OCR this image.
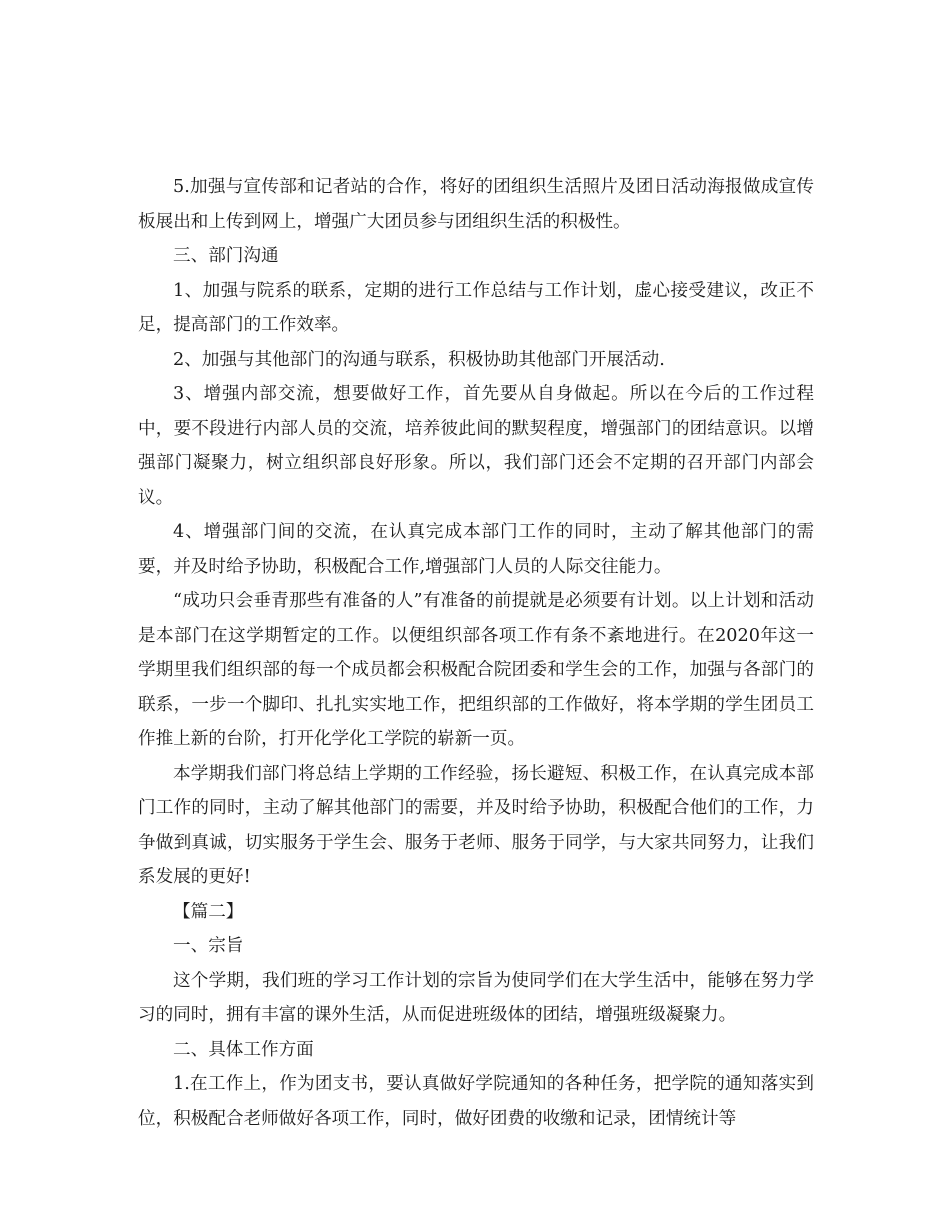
5.加强与宣传部和记者站的合作，将好的团组织生活照片及团日活动海报做成宣传板展出和上传到网上，增强广大团员参与团组织生活的积极性。

三、部门沟通

1、加强与院系的联系，定期的进行工作总结与工作计划，虚心接受建议，改正不足，提高部门的工作效率。

2、加强与其他部门的沟通与联系，积极协助其他部门开展活动.

3、增强内部交流，想要做好工作，首先要从自身做起。所以在今后的工作过程中，要不段进行内部人员的交流，培养彼此间的默契程度，增强部门的团结意识。以增强部门凝聚力，树立组织部良好形象。所以，我们部门还会不定期的召开部门内部会议。

4、增强部门间的交流，在认真完成本部门工作的同时，主动了解其他部门的需要，并及时给予协助，积极配合工作,增强部门人员的人际交往能力。

“成功只会垂青那些有准备的人”有准备的前提就是必须要有计划。以上计划和活动是本部门在这学期暂定的工作。以便组织部各项工作有条不紊地进行。在2020年这一学期里我们组织部的每一个成员都会积极配合院团委和学生会的工作，加强与各部门的联系，一步一个脚印、扎扎实实地工作，把组织部的工作做好，将本学期的学生团员工作推上新的台阶，打开化学化工学院的崭新一页。

本学期我们部门将总结上学期的工作经验，扬长避短、积极工作，在认真完成本部门工作的同时，主动了解其他部门的需要，并及时给予协助，积极配合他们的工作，力争做到真诚，切实服务于学生会、服务于老师、服务于同学，与大家共同努力，让我们系发展的更好!

【篇二】

一、宗旨

这个学期，我们班的学习工作计划的宗旨为使同学们在大学生活中，能够在努力学习的同时，拥有丰富的课外生活，从而促进班级体的团结，增强班级凝聚力。

二、具体工作方面

1.在工作上，作为团支书，要认真做好学院通知的各种任务，把学院的通知落实到位，积极配合老师做好各项工作，同时，做好团费的收缴和记录，团情统计等
